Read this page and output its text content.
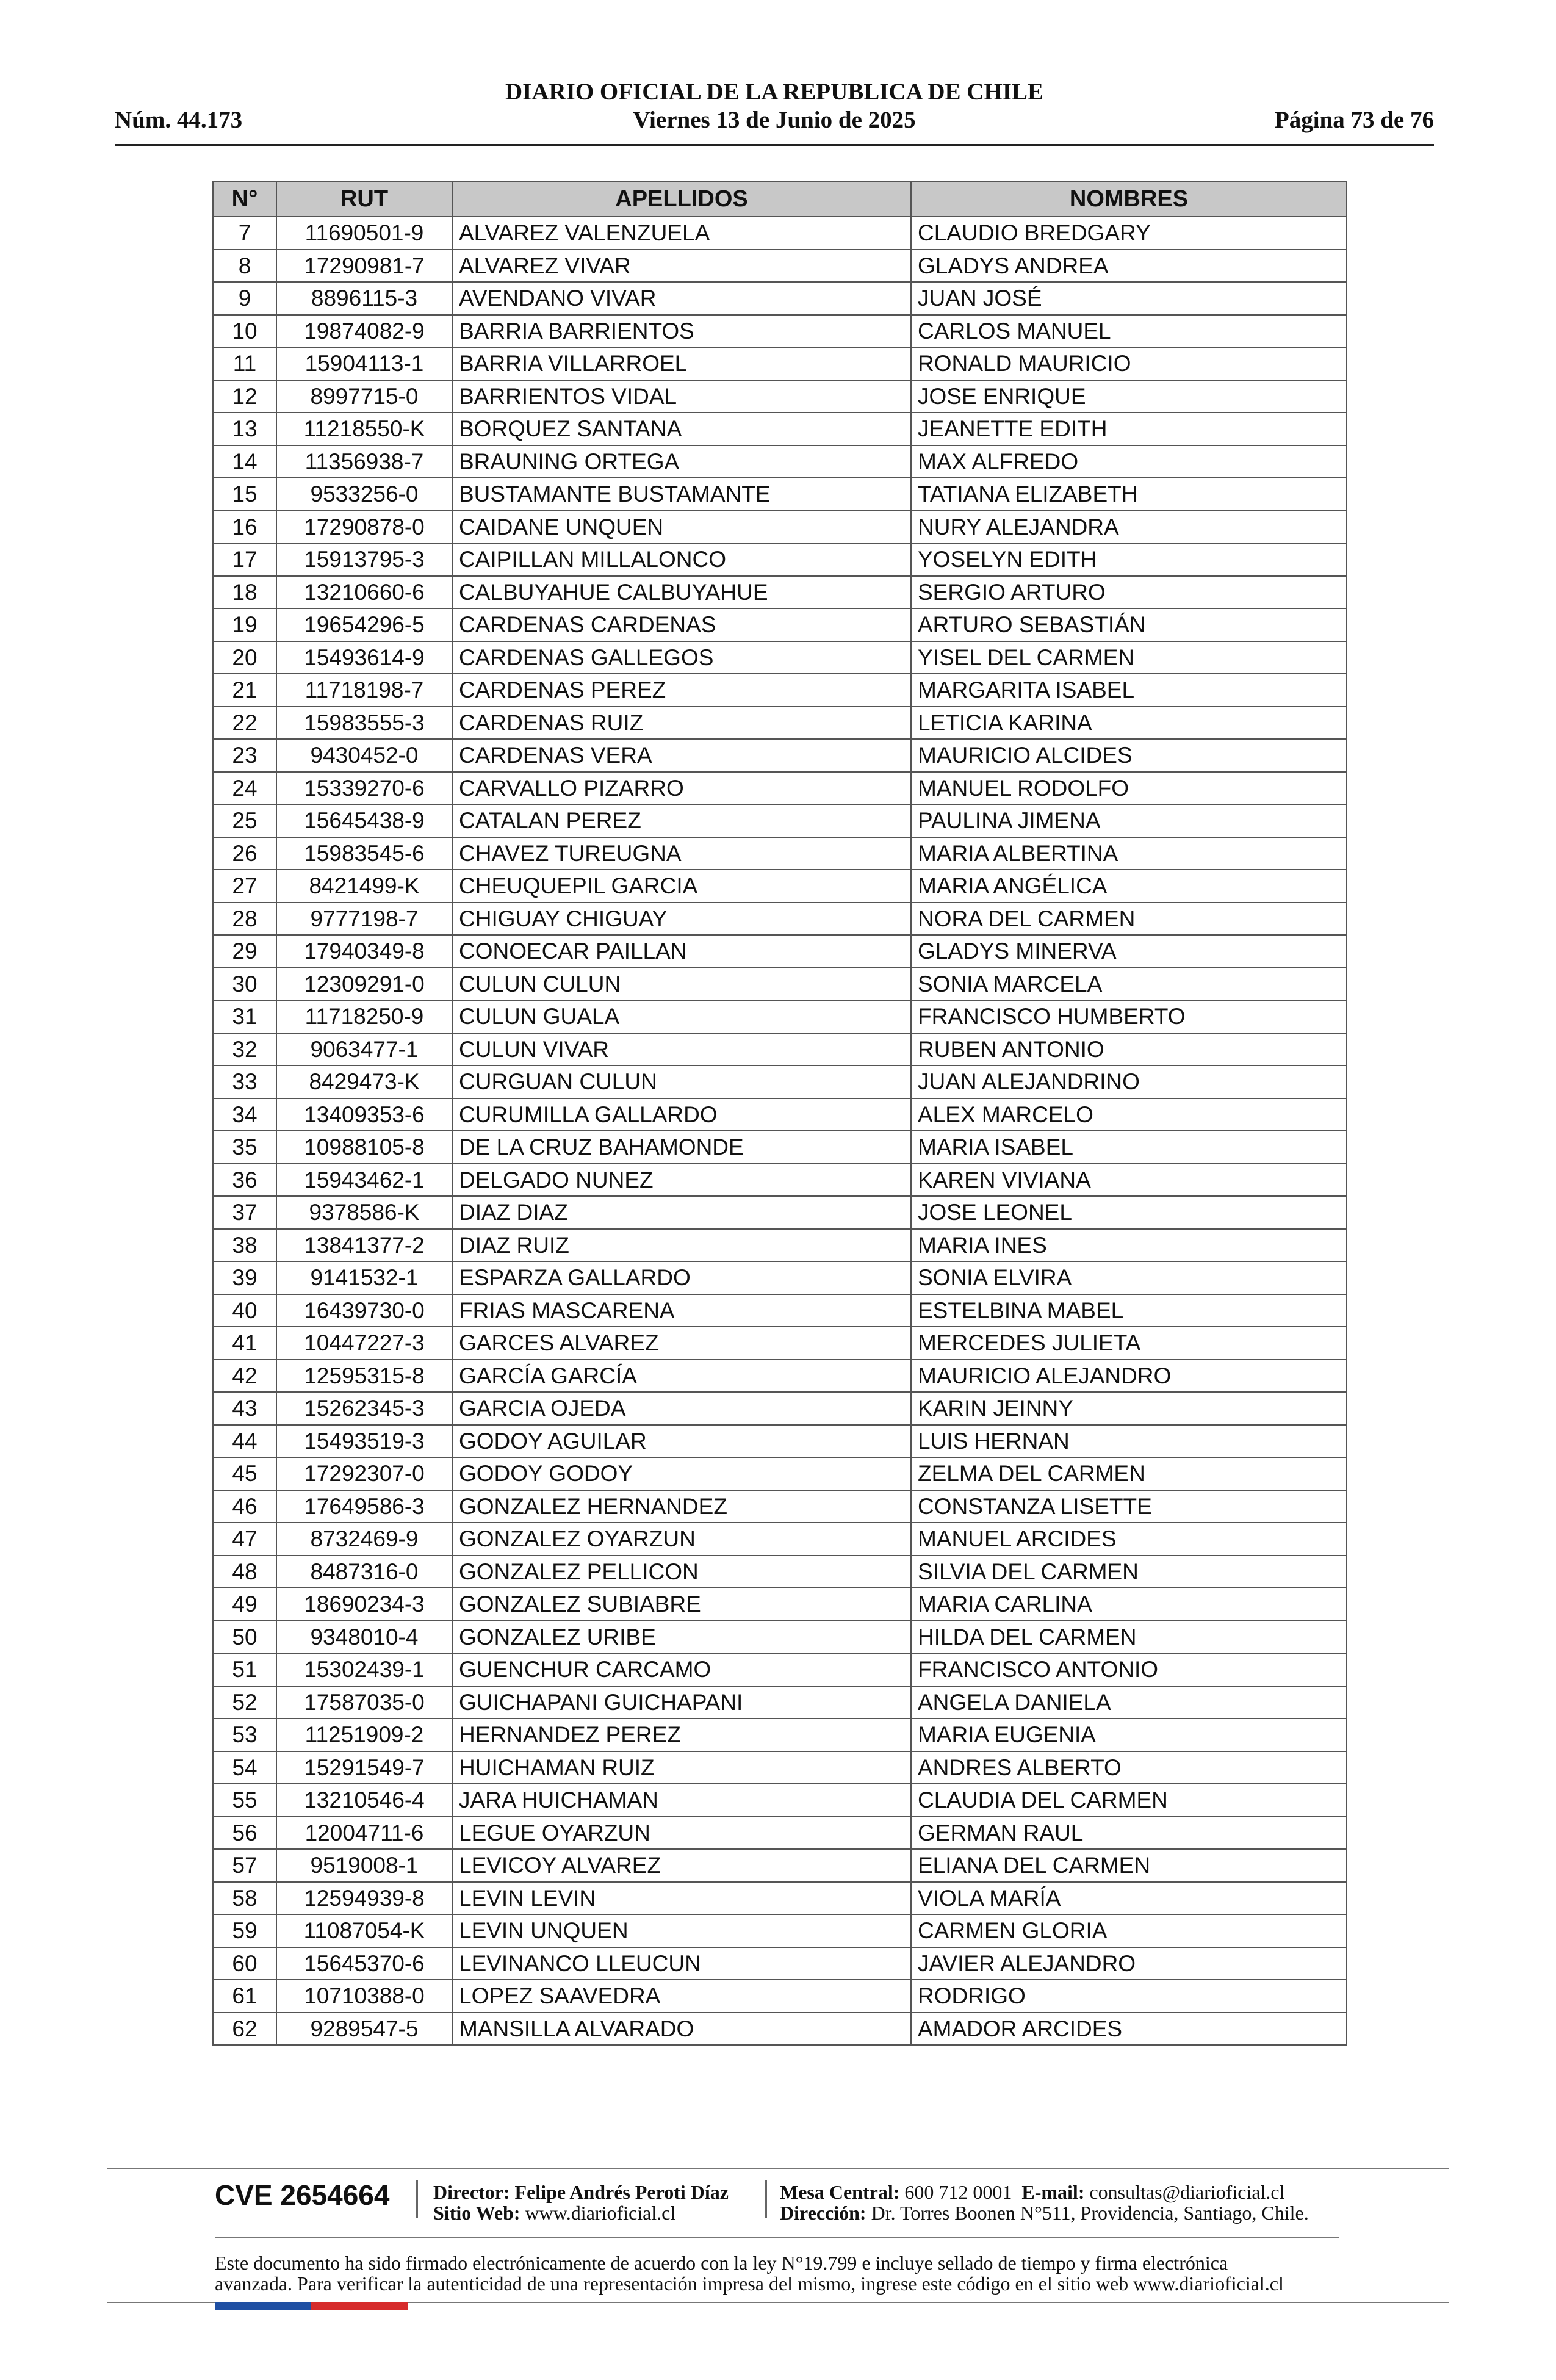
DIARIO OFICIAL DE LA REPUBLICA DE CHILE
Núm. 44.173	Viernes 13 de Junio de 2025	Página 73 de 76
N°	RUT	APELLIDOS	NOMBRES
7	11690501-9	ALVAREZ VALENZUELA	CLAUDIO BREDGARY
8	17290981-7	ALVAREZ VIVAR	GLADYS ANDREA
9	8896115-3	AVENDANO VIVAR	JUAN JOSÉ
10	19874082-9	BARRIA BARRIENTOS	CARLOS MANUEL
11	15904113-1	BARRIA VILLARROEL	RONALD MAURICIO
12	8997715-0	BARRIENTOS VIDAL	JOSE ENRIQUE
13	11218550-K	BORQUEZ SANTANA	JEANETTE EDITH
14	11356938-7	BRAUNING ORTEGA	MAX ALFREDO
15	9533256-0	BUSTAMANTE BUSTAMANTE	TATIANA ELIZABETH
16	17290878-0	CAIDANE UNQUEN	NURY ALEJANDRA
17	15913795-3	CAIPILLAN MILLALONCO	YOSELYN EDITH
18	13210660-6	CALBUYAHUE CALBUYAHUE	SERGIO ARTURO
19	19654296-5	CARDENAS CARDENAS	ARTURO SEBASTIÁN
20	15493614-9	CARDENAS GALLEGOS	YISEL DEL CARMEN
21	11718198-7	CARDENAS PEREZ	MARGARITA ISABEL
22	15983555-3	CARDENAS RUIZ	LETICIA KARINA
23	9430452-0	CARDENAS VERA	MAURICIO ALCIDES
24	15339270-6	CARVALLO PIZARRO	MANUEL RODOLFO
25	15645438-9	CATALAN PEREZ	PAULINA JIMENA
26	15983545-6	CHAVEZ TUREUGNA	MARIA ALBERTINA
27	8421499-K	CHEUQUEPIL GARCIA	MARIA ANGÉLICA
28	9777198-7	CHIGUAY CHIGUAY	NORA DEL CARMEN
29	17940349-8	CONOECAR PAILLAN	GLADYS MINERVA
30	12309291-0	CULUN CULUN	SONIA MARCELA
31	11718250-9	CULUN GUALA	FRANCISCO HUMBERTO
32	9063477-1	CULUN VIVAR	RUBEN ANTONIO
33	8429473-K	CURGUAN CULUN	JUAN ALEJANDRINO
34	13409353-6	CURUMILLA GALLARDO	ALEX MARCELO
35	10988105-8	DE LA CRUZ BAHAMONDE	MARIA ISABEL
36	15943462-1	DELGADO NUNEZ	KAREN VIVIANA
37	9378586-K	DIAZ DIAZ	JOSE LEONEL
38	13841377-2	DIAZ RUIZ	MARIA INES
39	9141532-1	ESPARZA GALLARDO	SONIA ELVIRA
40	16439730-0	FRIAS MASCARENA	ESTELBINA MABEL
41	10447227-3	GARCES ALVAREZ	MERCEDES JULIETA
42	12595315-8	GARCÍA GARCÍA	MAURICIO ALEJANDRO
43	15262345-3	GARCIA OJEDA	KARIN JEINNY
44	15493519-3	GODOY AGUILAR	LUIS HERNAN
45	17292307-0	GODOY GODOY	ZELMA DEL CARMEN
46	17649586-3	GONZALEZ HERNANDEZ	CONSTANZA LISETTE
47	8732469-9	GONZALEZ OYARZUN	MANUEL ARCIDES
48	8487316-0	GONZALEZ PELLICON	SILVIA DEL CARMEN
49	18690234-3	GONZALEZ SUBIABRE	MARIA CARLINA
50	9348010-4	GONZALEZ URIBE	HILDA DEL CARMEN
51	15302439-1	GUENCHUR CARCAMO	FRANCISCO ANTONIO
52	17587035-0	GUICHAPANI GUICHAPANI	ANGELA DANIELA
53	11251909-2	HERNANDEZ PEREZ	MARIA EUGENIA
54	15291549-7	HUICHAMAN RUIZ	ANDRES ALBERTO
55	13210546-4	JARA HUICHAMAN	CLAUDIA DEL CARMEN
56	12004711-6	LEGUE OYARZUN	GERMAN RAUL
57	9519008-1	LEVICOY ALVAREZ	ELIANA DEL CARMEN
58	12594939-8	LEVIN LEVIN	VIOLA MARÍA
59	11087054-K	LEVIN UNQUEN	CARMEN GLORIA
60	15645370-6	LEVINANCO LLEUCUN	JAVIER ALEJANDRO
61	10710388-0	LOPEZ SAAVEDRA	RODRIGO
62	9289547-5	MANSILLA ALVARADO	AMADOR ARCIDES
CVE 2654664 Director: Felipe Andrés Peroti Díaz
Sitio Web: www.diarioficial.cl
Mesa Central: 600 712 0001 E-mail: consultas@diarioficial.cl
Dirección: Dr. Torres Boonen N°511, Providencia, Santiago, Chile.
Este documento ha sido firmado electrónicamente de acuerdo con la ley N°19.799 e incluye sellado de tiempo y firma electrónica
avanzada. Para verificar la autenticidad de una representación impresa del mismo, ingrese este código en el sitio web www.diarioficial.cl
